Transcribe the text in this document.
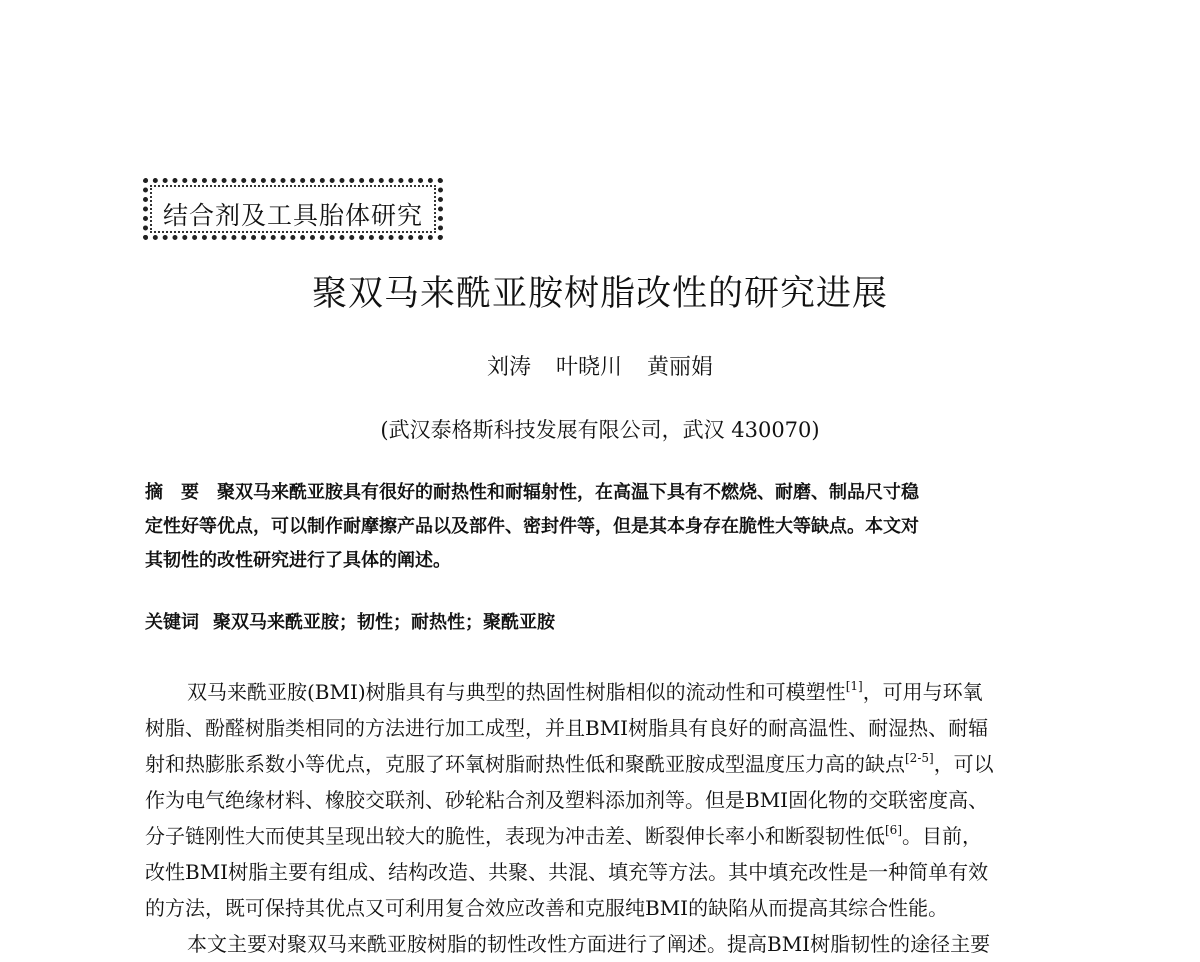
结合剂及工具胎体研究
聚双马来酰亚胺树脂改性的研究进展
刘涛 叶晓川 黄丽娟
(武汉泰格斯科技发展有限公司，武汉 430070)
摘　要　 聚双马来酰亚胺具有很好的耐热性和耐辐射性，在高温下具有不燃烧、耐磨、制品尺寸稳
定性好等优点，可以制作耐摩擦产品以及部件、密封件等，但是其本身存在脆性大等缺点。本文对
其韧性的改性研究进行了具体的阐述。
关键词 聚双马来酰亚胺；韧性；耐热性；聚酰亚胺
双马来酰亚胺(BMI)树脂具有与典型的热固性树脂相似的流动性和可模塑性[1]，可用与环氧
树脂、酚醛树脂类相同的方法进行加工成型，并且BMI树脂具有良好的耐高温性、耐湿热、耐辐
射和热膨胀系数小等优点，克服了环氧树脂耐热性低和聚酰亚胺成型温度压力高的缺点[2-5]，可以
作为电气绝缘材料、橡胶交联剂、砂轮粘合剂及塑料添加剂等。但是BMI固化物的交联密度高、
分子链刚性大而使其呈现出较大的脆性，表现为冲击差、断裂伸长率小和断裂韧性低[6]。目前，
改性BMI树脂主要有组成、结构改造、共聚、共混、填充等方法。其中填充改性是一种简单有效
的方法，既可保持其优点又可利用复合效应改善和克服纯BMI的缺陷从而提高其综合性能。
本文主要对聚双马来酰亚胺树脂的韧性改性方面进行了阐述。提高BMI树脂韧性的途径主要
